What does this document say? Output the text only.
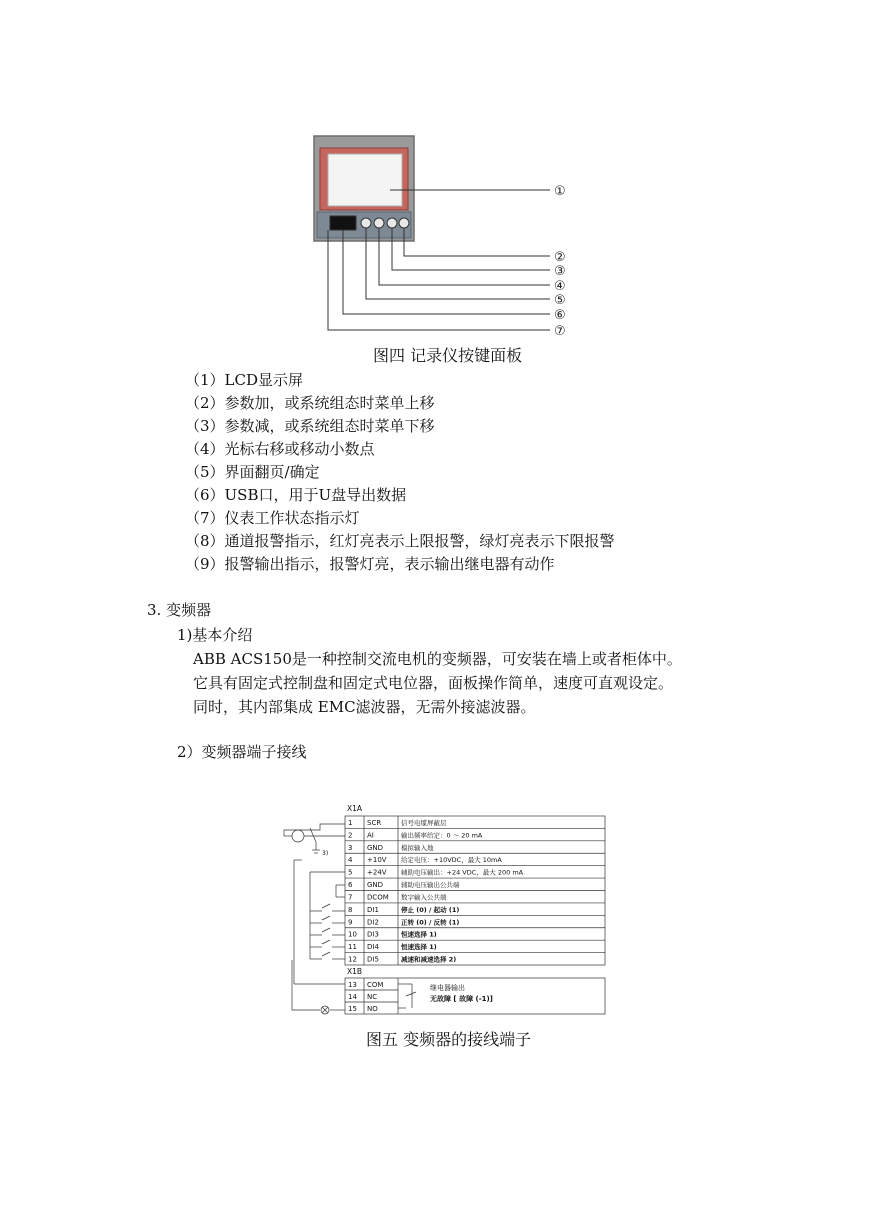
①
②
③
④
⑤
⑥
⑦
图四 记录仪按键面板
（1）LCD显示屏
（2）参数加，或系统组态时菜单上移
（3）参数减，或系统组态时菜单下移
（4）光标右移或移动小数点
（5）界面翻页/确定
（6）USB口，用于U盘导出数据
（7）仪表工作状态指示灯
（8）通道报警指示，红灯亮表示上限报警，绿灯亮表示下限报警
（9）报警输出指示，报警灯亮，表示输出继电器有动作
3. 变频器
1)基本介绍
ABB ACS150是一种控制交流电机的变频器，可安装在墙上或者柜体中。
它具有固定式控制盘和固定式电位器，面板操作简单，速度可直观设定。
同时，其内部集成 EMC滤波器，无需外接滤波器。
2）变频器端子接线
X1A
X1B
1 SCR	信号电缆屏蔽层
2 AI	输出频率给定：0 ～ 20 mA
3 GND	模拟输入地
4 +10V 给定电压：+10VDC，最大 10mA
5 +24V 辅助电压输出：+24 VDC，最大 200 mA
6 GND	辅助电压输出公共端
7 DCOM 数字输入公共端
8 DI1	停止 (0) / 起动 (1)
9 DI2	正转 (0) / 反转 (1)
10 DI3	恒速选择 1)
11 DI4	恒速选择 1)
12 DI5	减速和减速选择 2)
13 COM
14 NC
15 NO
继电器输出
无故障 [ 故障 (-1)]
3)
图五 变频器的接线端子
